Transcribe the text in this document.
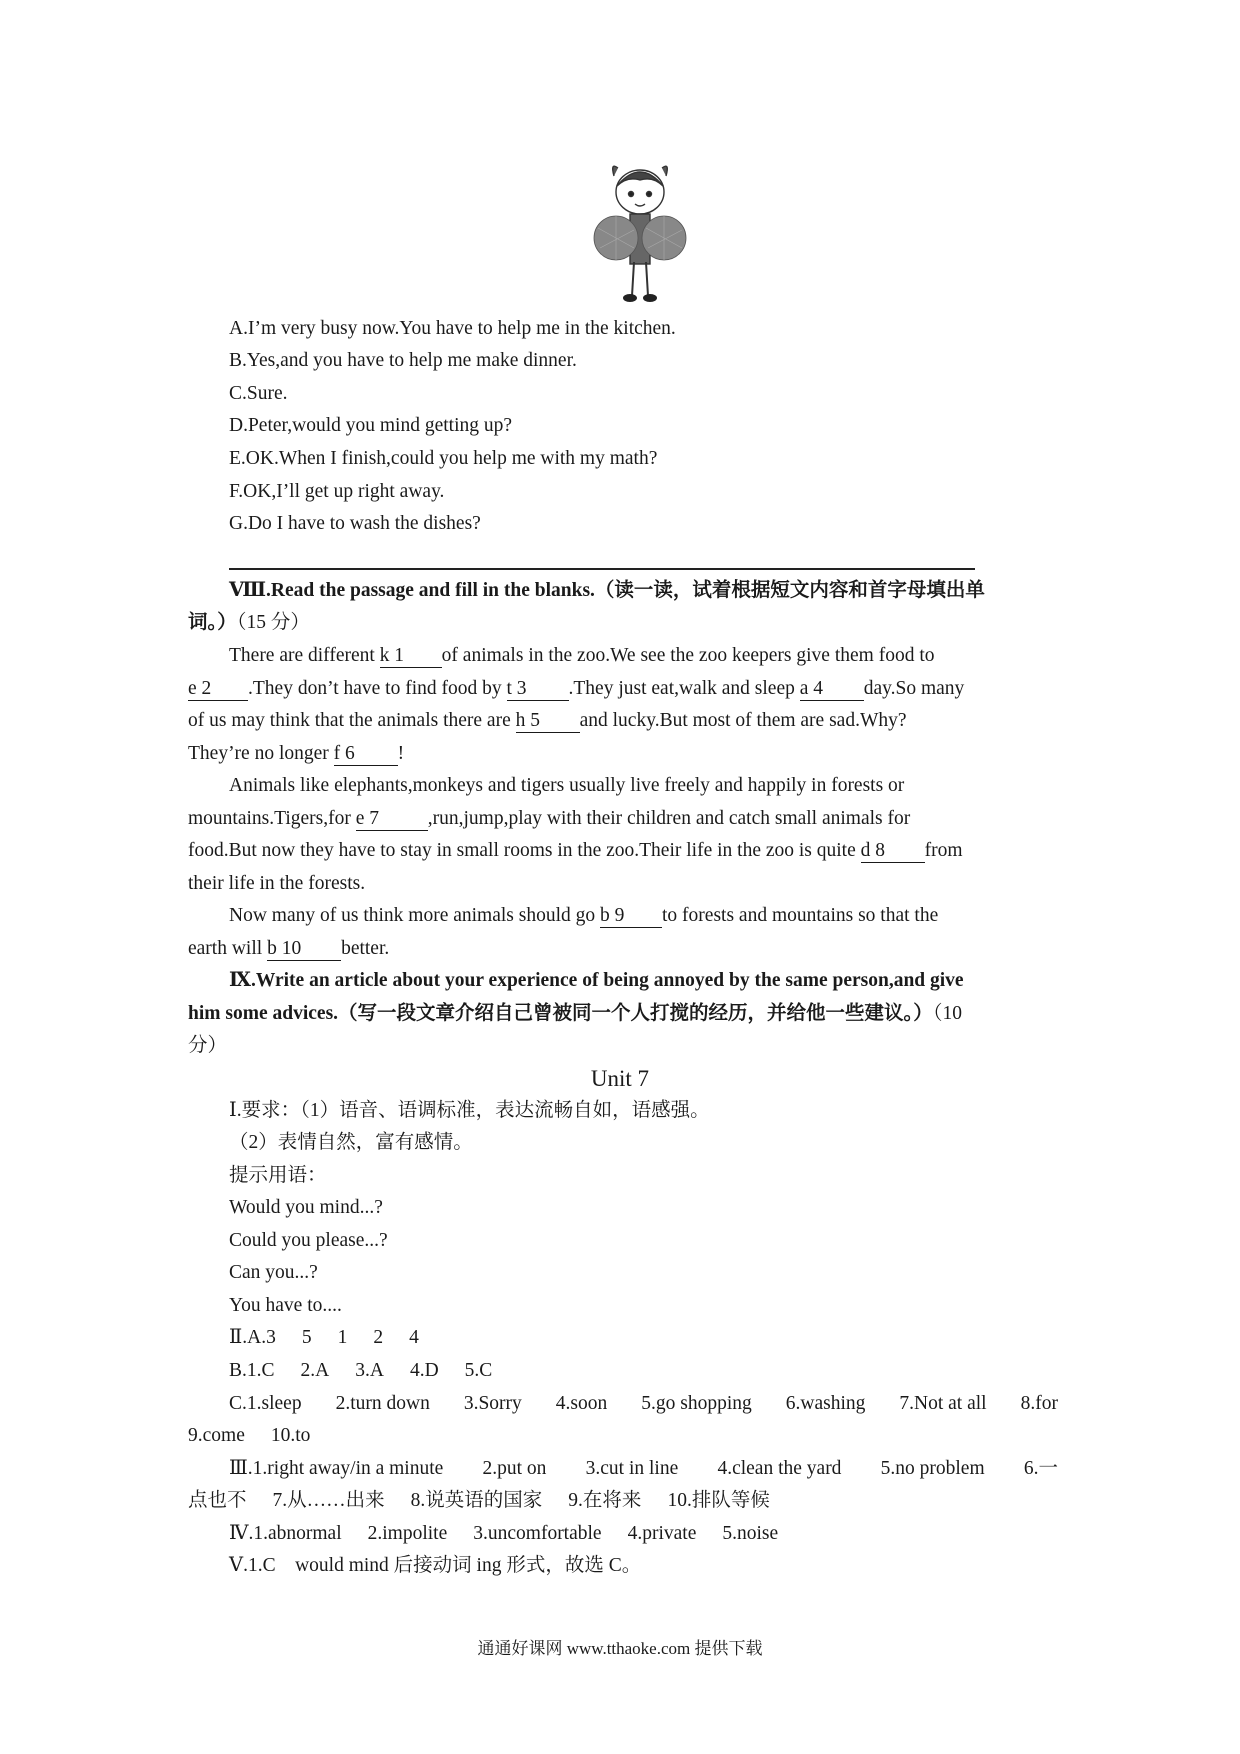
A.I’m very busy now.You have to help me in the kitchen.
B.Yes,and you have to help me make dinner.
C.Sure.
D.Peter,would you mind getting up?
E.OK.When I finish,could you help me with my math?
F.OK,I’ll get up right away.
G.Do I have to wash the dishes?
Ⅷ.Read the passage and fill in the blanks.（读一读，试着根据短文内容和首字母填出单
词。）（15 分）
There are different k 1 of animals in the zoo.We see the zoo keepers give them food to
e 2 .They don’t have to find food by t 3 .They just eat,walk and sleep a 4 day.So many
of us may think that the animals there are h 5 and lucky.But most of them are sad.Why?
They’re no longer f 6 !
Animals like elephants,monkeys and tigers usually live freely and happily in forests or
mountains.Tigers,for e 7 ,run,jump,play with their children and catch small animals for
food.But now they have to stay in small rooms in the zoo.Their life in the zoo is quite d 8 from
their life in the forests.
Now many of us think more animals should go b 9 to forests and mountains so that the
earth will b 10 better.
Ⅸ.Write an article about your experience of being annoyed by the same person,and give
him some advices.（写一段文章介绍自己曾被同一个人打搅的经历，并给他一些建议。）（10
分）
Unit 7
Ⅰ.要求：（1）语音、语调标准，表达流畅自如，语感强。
（2）表情自然，富有感情。
提示用语：
Would you mind...?
Could you please...?
Can you...?
You have to....
Ⅱ.A.3 5 1 2 4
B.1.C 2.A 3.A 4.D 5.C
C.1.sleep 2.turn down 3.Sorry 4.soon 5.go shopping 6.washing 7.Not at all 8.for
9.come 10.to
Ⅲ.1.right away/in a minute 2.put on 3.cut in line 4.clean the yard 5.no problem 6.一
点也不 7.从……出来 8.说英语的国家 9.在将来 10.排队等候
Ⅳ.1.abnormal 2.impolite 3.uncomfortable 4.private 5.noise
Ⅴ.1.C　would mind 后接动词 ing 形式，故选 C。
通通好课网 www.tthaoke.com 提供下载
